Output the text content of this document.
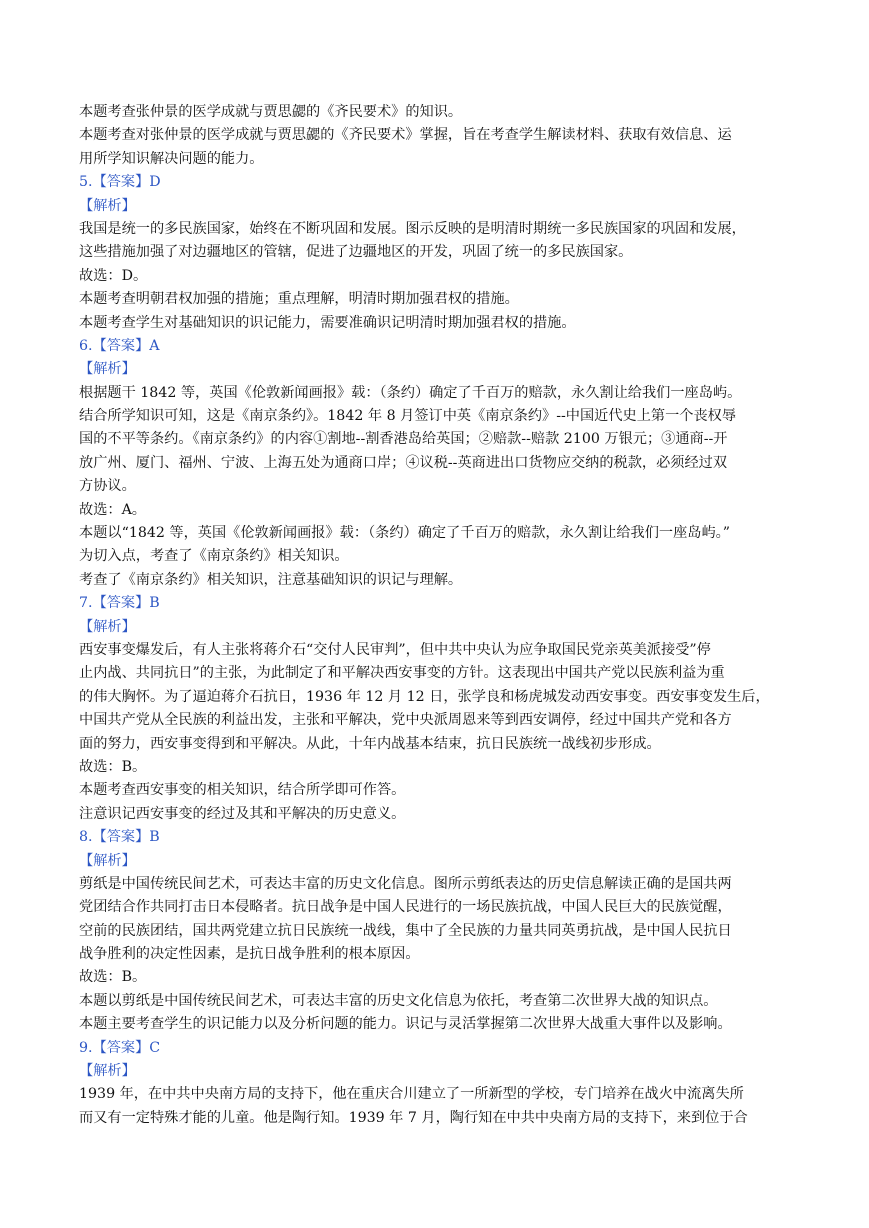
本题考查张仲景的医学成就与贾思勰的《齐民要术》的知识。

本题考查对张仲景的医学成就与贾思勰的《齐民要术》掌握，旨在考查学生解读材料、获取有效信息、运

用所学知识解决问题的能力。

5.【答案】D

【解析】

我国是统一的多民族国家，始终在不断巩固和发展。图示反映的是明清时期统一多民族国家的巩固和发展，

这些措施加强了对边疆地区的管辖，促进了边疆地区的开发，巩固了统一的多民族国家。

故选：D。

本题考查明朝君权加强的措施；重点理解，明清时期加强君权的措施。

本题考查学生对基础知识的识记能力，需要准确识记明清时期加强君权的措施。

6.【答案】A

【解析】

根据题干 1842 等，英国《伦敦新闻画报》载：（条约）确定了千百万的赔款，永久割让给我们一座岛屿。

结合所学知识可知，这是《南京条约》。1842 年 8 月签订中英《南京条约》--中国近代史上第一个丧权辱

国的不平等条约。《南京条约》的内容①割地--割香港岛给英国；②赔款--赔款 2100 万银元；③通商--开

放广州、厦门、福州、宁波、上海五处为通商口岸；④议税--英商进出口货物应交纳的税款，必须经过双

方协议。

故选：A。

本题以“1842 等，英国《伦敦新闻画报》载：（条约）确定了千百万的赔款，永久割让给我们一座岛屿。”

为切入点，考查了《南京条约》相关知识。

考查了《南京条约》相关知识，注意基础知识的识记与理解。

7.【答案】B

【解析】

西安事变爆发后，有人主张将蒋介石“交付人民审判”，但中共中央认为应争取国民党亲英美派接受”停

止内战、共同抗日”的主张，为此制定了和平解决西安事变的方针。这表现出中国共产党以民族利益为重

的伟大胸怀。为了逼迫蒋介石抗日，1936 年 12 月 12 日，张学良和杨虎城发动西安事变。西安事变发生后，

中国共产党从全民族的利益出发，主张和平解决，党中央派周恩来等到西安调停，经过中国共产党和各方

面的努力，西安事变得到和平解决。从此，十年内战基本结束，抗日民族统一战线初步形成。

故选：B。

本题考查西安事变的相关知识，结合所学即可作答。

注意识记西安事变的经过及其和平解决的历史意义。

8.【答案】B

【解析】

剪纸是中国传统民间艺术，可表达丰富的历史文化信息。图所示剪纸表达的历史信息解读正确的是国共两

党团结合作共同打击日本侵略者。抗日战争是中国人民进行的一场民族抗战，中国人民巨大的民族觉醒，

空前的民族团结，国共两党建立抗日民族统一战线，集中了全民族的力量共同英勇抗战，是中国人民抗日

战争胜利的决定性因素，是抗日战争胜利的根本原因。

故选：B。

本题以剪纸是中国传统民间艺术，可表达丰富的历史文化信息为依托，考查第二次世界大战的知识点。

本题主要考查学生的识记能力以及分析问题的能力。识记与灵活掌握第二次世界大战重大事件以及影响。

9.【答案】C

【解析】

1939 年，在中共中央南方局的支持下，他在重庆合川建立了一所新型的学校，专门培养在战火中流离失所

而又有一定特殊才能的儿童。他是陶行知。1939 年 7 月，陶行知在中共中央南方局的支持下，来到位于合
